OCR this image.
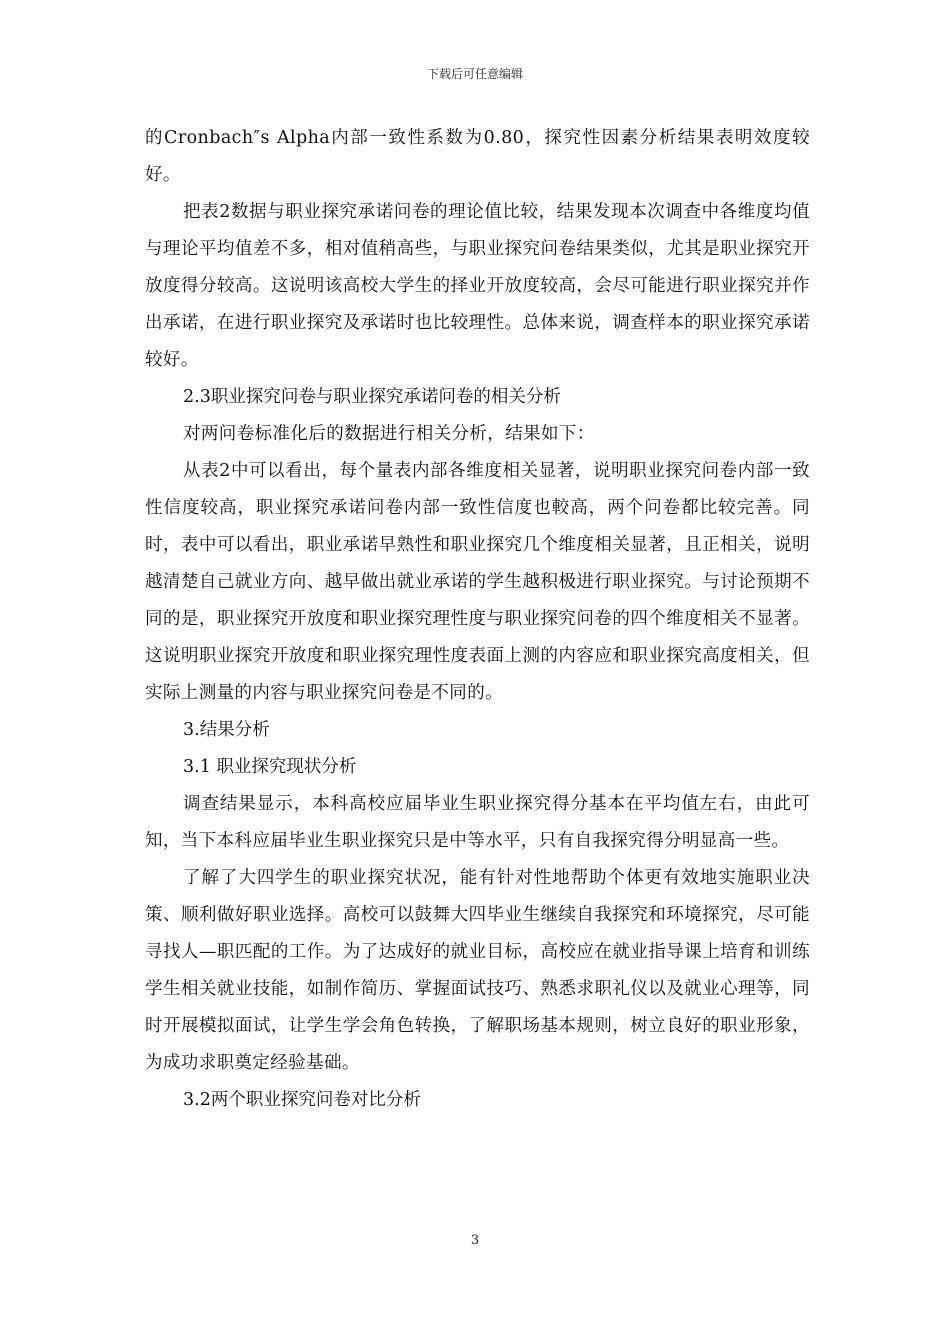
下载后可任意编辑

的Cronbach″s Alpha内部一致性系数为0.80，探究性因素分析结果表明效度较好。

把表2数据与职业探究承诺问卷的理论值比较，结果发现本次调查中各维度均值与理论平均值差不多，相对值稍高些，与职业探究问卷结果类似，尤其是职业探究开放度得分较高。这说明该高校大学生的择业开放度较高，会尽可能进行职业探究并作出承诺，在进行职业探究及承诺时也比较理性。总体来说，调查样本的职业探究承诺较好。

2.3职业探究问卷与职业探究承诺问卷的相关分析

对两问卷标准化后的数据进行相关分析，结果如下：

从表2中可以看出，每个量表内部各维度相关显著，说明职业探究问卷内部一致性信度较高，职业探究承诺问卷内部一致性信度也較高，两个问卷都比较完善。同时，表中可以看出，职业承诺早熟性和职业探究几个维度相关显著，且正相关，说明越清楚自己就业方向、越早做出就业承诺的学生越积极进行职业探究。与讨论预期不同的是，职业探究开放度和职业探究理性度与职业探究问卷的四个维度相关不显著。这说明职业探究开放度和职业探究理性度表面上测的内容应和职业探究高度相关，但实际上测量的内容与职业探究问卷是不同的。

3.结果分析

3.1 职业探究现状分析

调查结果显示，本科高校应届毕业生职业探究得分基本在平均值左右，由此可知，当下本科应届毕业生职业探究只是中等水平，只有自我探究得分明显高一些。

了解了大四学生的职业探究状况，能有针对性地帮助个体更有效地实施职业决策、顺利做好职业选择。高校可以鼓舞大四毕业生继续自我探究和环境探究，尽可能寻找人—职匹配的工作。为了达成好的就业目标，高校应在就业指导课上培育和训练学生相关就业技能，如制作简历、掌握面试技巧、熟悉求职礼仪以及就业心理等，同时开展模拟面试，让学生学会角色转换，了解职场基本规则，树立良好的职业形象，为成功求职奠定经验基础。

3.2两个职业探究问卷对比分析

3
